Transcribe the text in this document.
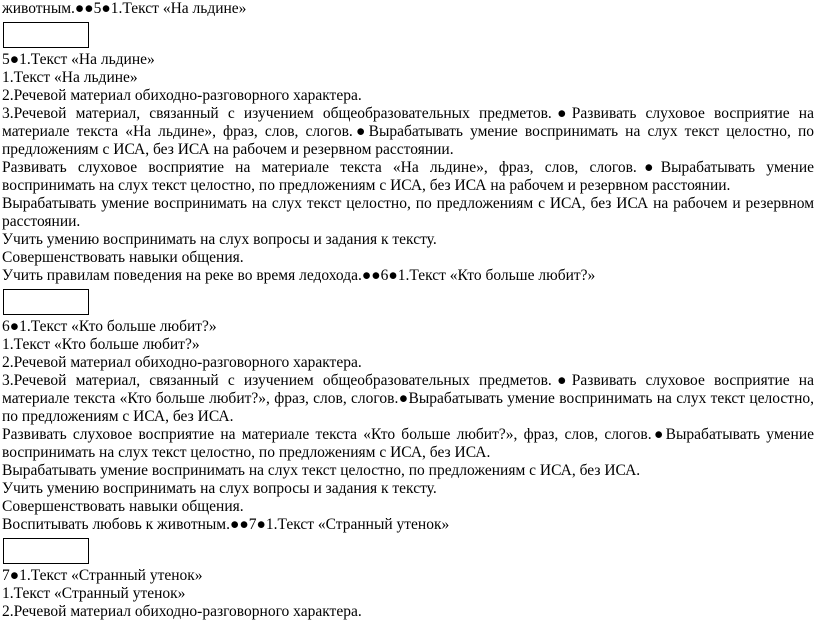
животным.●●5●1.Текст «На льдине»
5●1.Текст «На льдине»
1.Текст «На льдине»
2.Речевой материал обиходно-разговорного характера.
3.Речевой материал, связанный с изучением общеобразовательных предметов.●Развивать слуховое восприятие на материале текста «На льдине», фраз, слов, слогов.●Вырабатывать умение воспринимать на слух текст целостно, по предложениям с ИСА, без ИСА на рабочем и резервном расстоянии.
Развивать слуховое восприятие на материале текста «На льдине», фраз, слов, слогов.●Вырабатывать умение воспринимать на слух текст целостно, по предложениям с ИСА, без ИСА на рабочем и резервном расстоянии.
Вырабатывать умение воспринимать на слух текст целостно, по предложениям с ИСА, без ИСА на рабочем и резервном расстоянии.
Учить умению воспринимать на слух вопросы и задания к тексту.
Совершенствовать навыки общения.
Учить правилам поведения на реке во время ледохода.●●6●1.Текст «Кто больше любит?»
6●1.Текст «Кто больше любит?»
1.Текст «Кто больше любит?»
2.Речевой материал обиходно-разговорного характера.
3.Речевой материал, связанный с изучением общеобразовательных предметов.●Развивать слуховое восприятие на материале текста «Кто больше любит?», фраз, слов, слогов.●Вырабатывать умение воспринимать на слух текст целостно, по предложениям с ИСА, без ИСА.
Развивать слуховое восприятие на материале текста «Кто больше любит?», фраз, слов, слогов.●Вырабатывать умение воспринимать на слух текст целостно, по предложениям с ИСА, без ИСА.
Вырабатывать умение воспринимать на слух текст целостно, по предложениям с ИСА, без ИСА.
Учить умению воспринимать на слух вопросы и задания к тексту.
Совершенствовать навыки общения.
Воспитывать любовь к животным.●●7●1.Текст «Странный утенок»
7●1.Текст «Странный утенок»
1.Текст «Странный утенок»
2.Речевой материал обиходно-разговорного характера.
